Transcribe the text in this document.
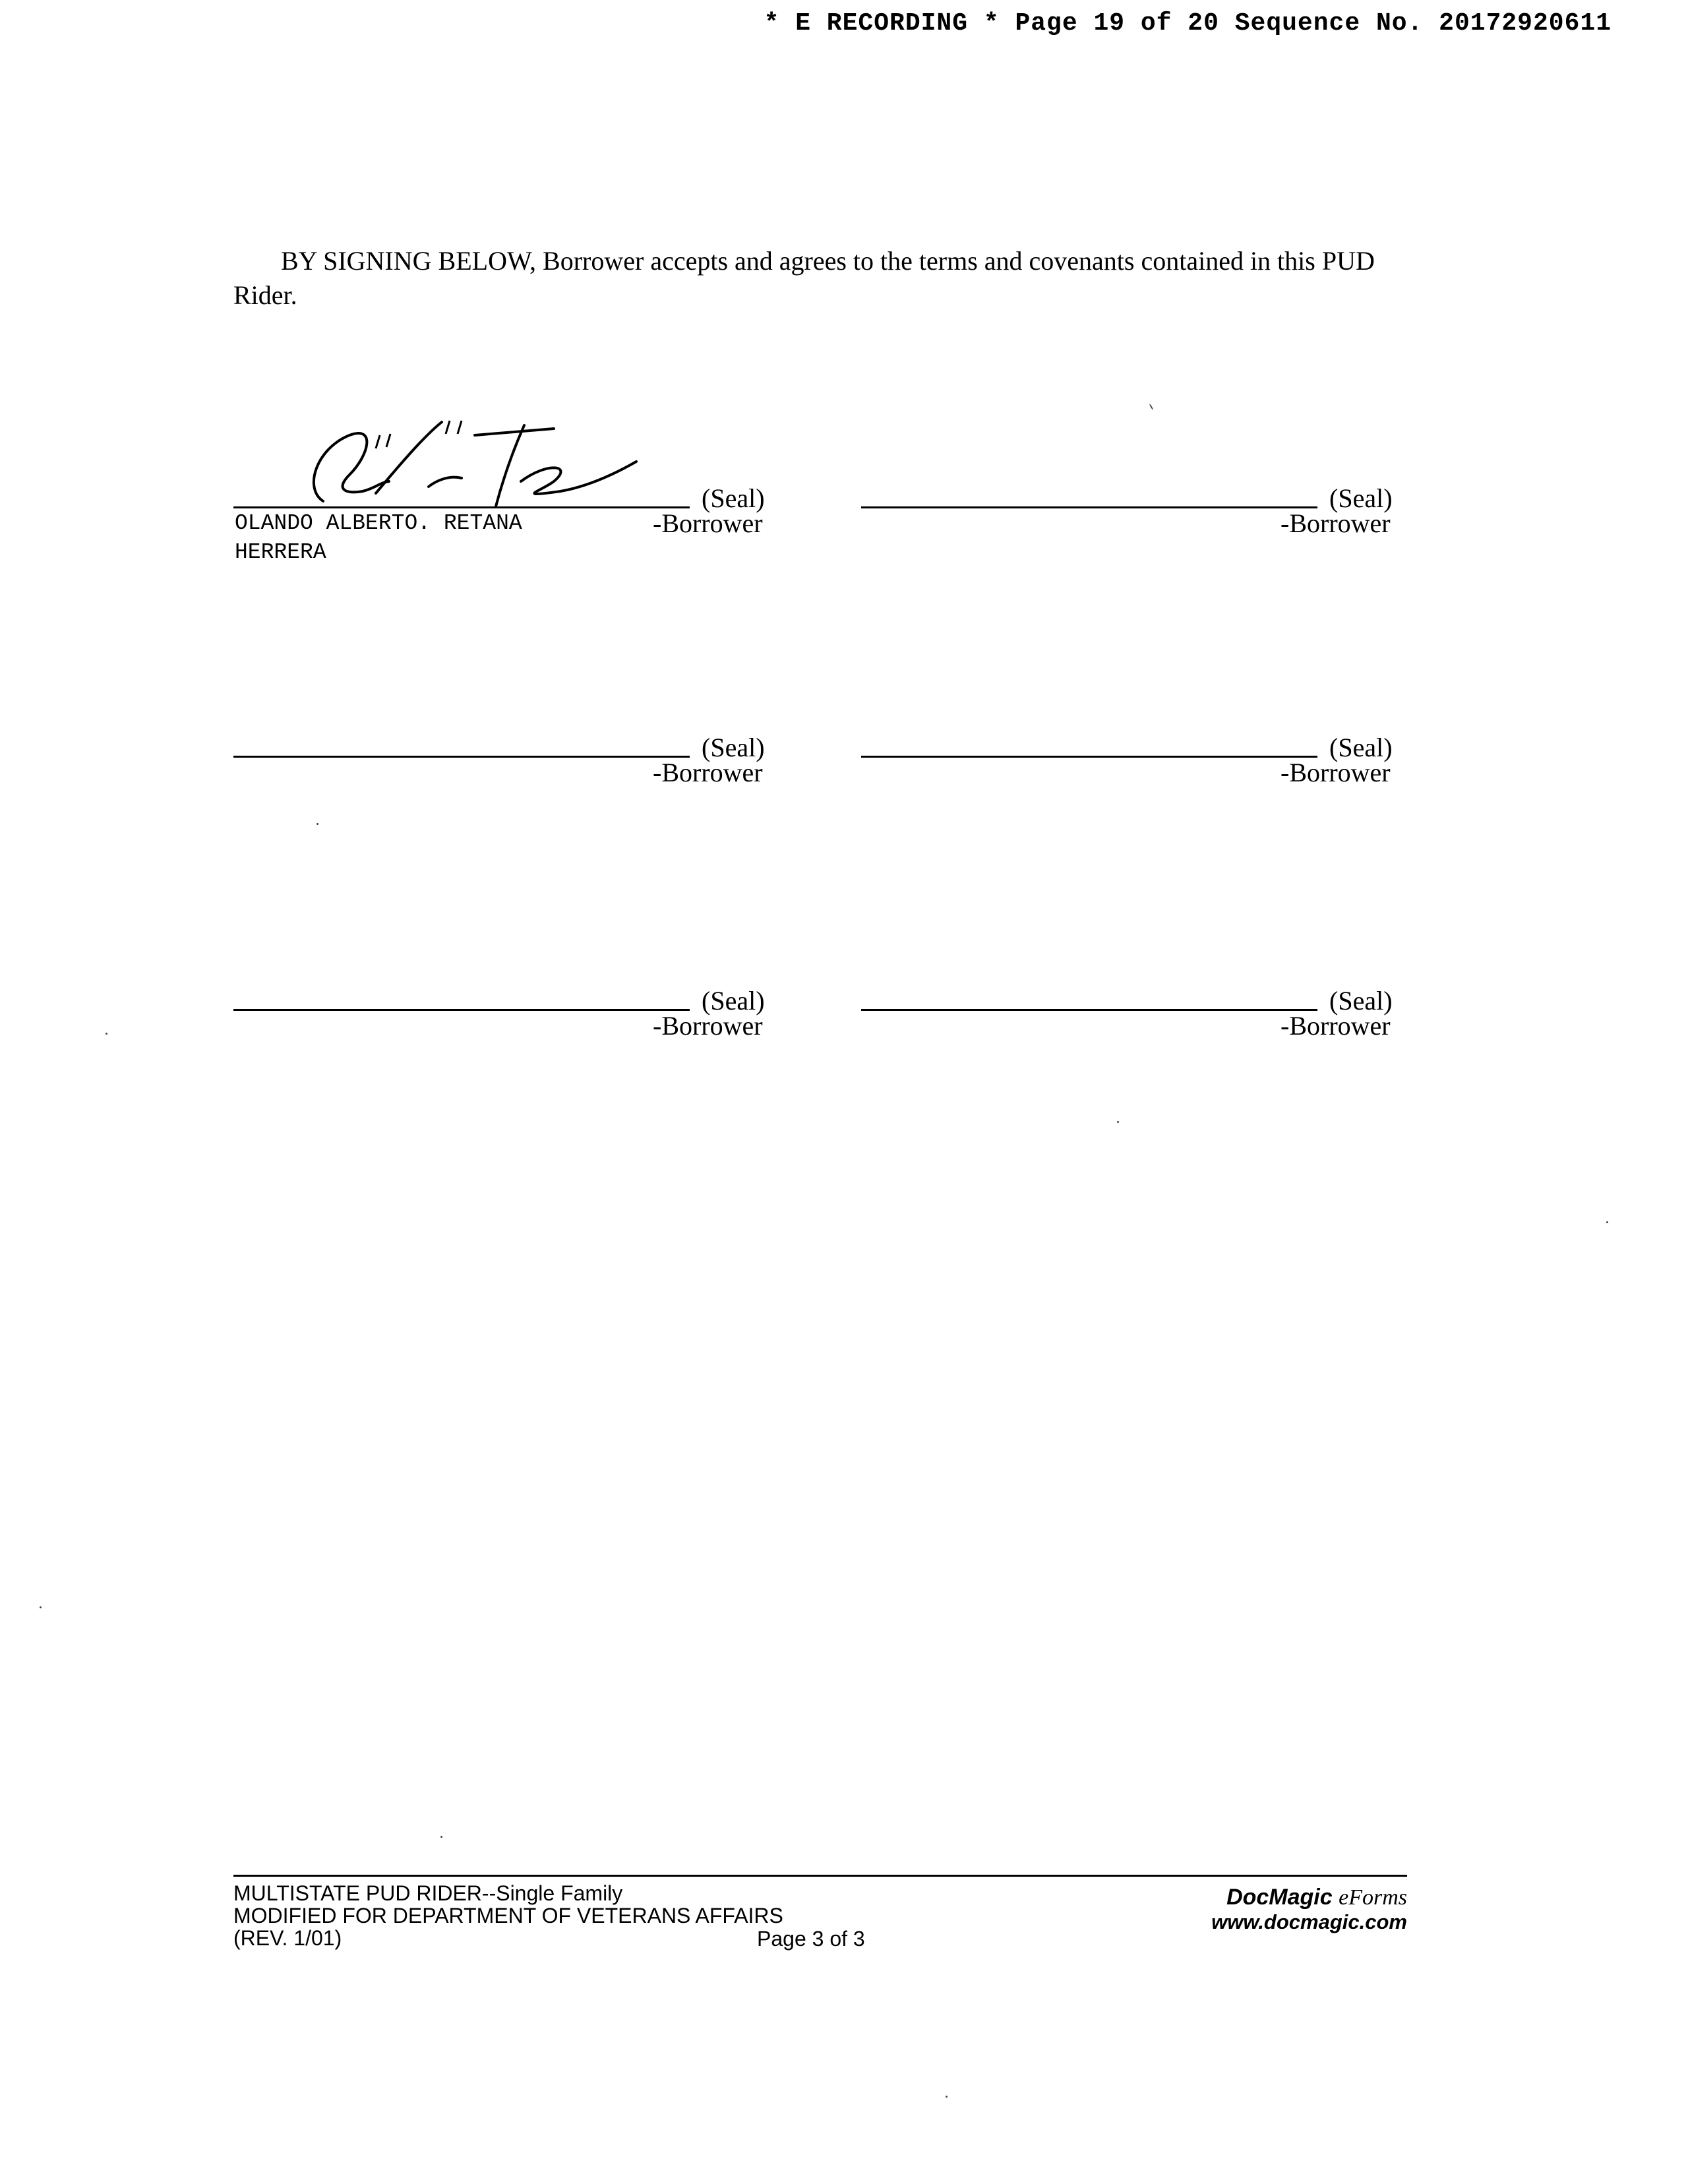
* E RECORDING * Page 19 of 20 Sequence No. 20172920611

BY SIGNING BELOW, Borrower accepts and agrees to the terms and covenants contained in this PUD Rider.

(Seal)
-Borrower
OLANDO ALBERTO. RETANA
HERRERA
(Seal)
-Borrower
(Seal)
-Borrower
(Seal)
-Borrower
(Seal)
-Borrower
(Seal)
-Borrower
MULTISTATE PUD RIDER--Single Family
MODIFIED FOR DEPARTMENT OF VETERANS AFFAIRS
(REV. 1/01)	Page 3 of 3
DocMagic eForms
www.docmagic.com
